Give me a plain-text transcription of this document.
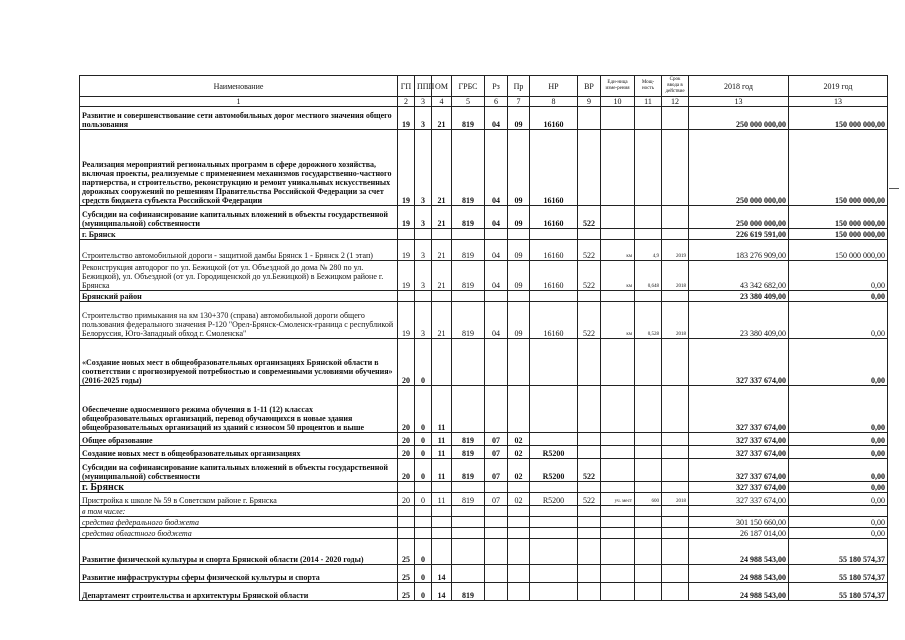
Наименование	ГП	ППП	ОМ	ГРБС	Рз	Пр	НР	ВР	Еди-ница изме-рения	Мощ-ность	Срок ввода в действие	2018 год	2019 год
1	2	3	4	5	6	7	8	9	10	11	12	13	13
Развитие и совершенствование сети автомобильных дорог местного значения общего пользования	19	3	21	819	04	09	16160					250 000 000,00	150 000 000,00
Реализация мероприятий региональных программ в сфере дорожного хозяйства, включая проекты, реализуемые с применением механизмов государственно-частного партнерства, и строительство, реконструкцию и ремонт уникальных искусственных дорожных сооружений по решениям Правительства Российской Федерации за счет средств бюджета субъекта Российской Федерации	19	3	21	819	04	09	16160					250 000 000,00	150 000 000,00
Субсидии на софинансирование капитальных вложений в объекты государственной (муниципальной) собственности	19	3	21	819	04	09	16160	522				250 000 000,00	150 000 000,00
г. Брянск												226 619 591,00	150 000 000,00
Строительство автомобильной дороги - защитной дамбы Брянск 1 - Брянск 2 (1 этап)	19	3	21	819	04	09	16160	522	км	4,9	2019	183 276 909,00	150 000 000,00
Реконструкция автодорог по ул. Бежицкой (от ул. Объездной до дома № 280 по ул. Бежицкой), ул. Объездной (от ул. Городищенской до ул.Бежицкой) в Бежицком районе г. Брянска	19	3	21	819	04	09	16160	522	км	0,648	2018	43 342 682,00	0,00
Брянский район												23 380 409,00	0,00
Строительство примыкания на км 130+370 (справа) автомобильной дороги общего пользования федерального значения Р-120 "Орел-Брянск-Смоленск-граница с республикой Белоруссия, Юго-Западный обход г. Смоленска"	19	3	21	819	04	09	16160	522	км	0,528	2018	23 380 409,00	0,00
«Создание новых мест в общеобразовательных организациях Брянской области в соответствии с прогнозируемой потребностью и современными условиями обучения» (2016-2025 годы)	20	0										327 337 674,00	0,00
Обеспечение односменного режима обучения в 1-11 (12) классах общеобразовательных организаций, перевод обучающихся в новые здания общеобразовательных организаций из зданий с износом 50 процентов и выше	20	0	11									327 337 674,00	0,00
Общее образование	20	0	11	819	07	02						327 337 674,00	0,00
Создание новых мест в общеобразовательных организациях	20	0	11	819	07	02	R5200					327 337 674,00	0,00
Субсидии на софинансирование капитальных вложений в объекты государственной (муниципальной) собственности	20	0	11	819	07	02	R5200	522				327 337 674,00	0,00
г. Брянск												327 337 674,00	0,00
Пристройка к школе № 59 в Советском районе г. Брянска	20	0	11	819	07	02	R5200	522	уч. мест	600	2018	327 337 674,00	0,00
в том числе:													
средства федерального бюджета												301 150 660,00	0,00
средства областного бюджета												26 187 014,00	0,00
Развитие физической культуры и спорта Брянской области (2014 - 2020 годы)	25	0										24 988 543,00	55 180 574,37
Развитие инфраструктуры сферы физической культуры и спорта	25	0	14									24 988 543,00	55 180 574,37
Департамент строительства и архитектуры Брянской области	25	0	14	819								24 988 543,00	55 180 574,37
